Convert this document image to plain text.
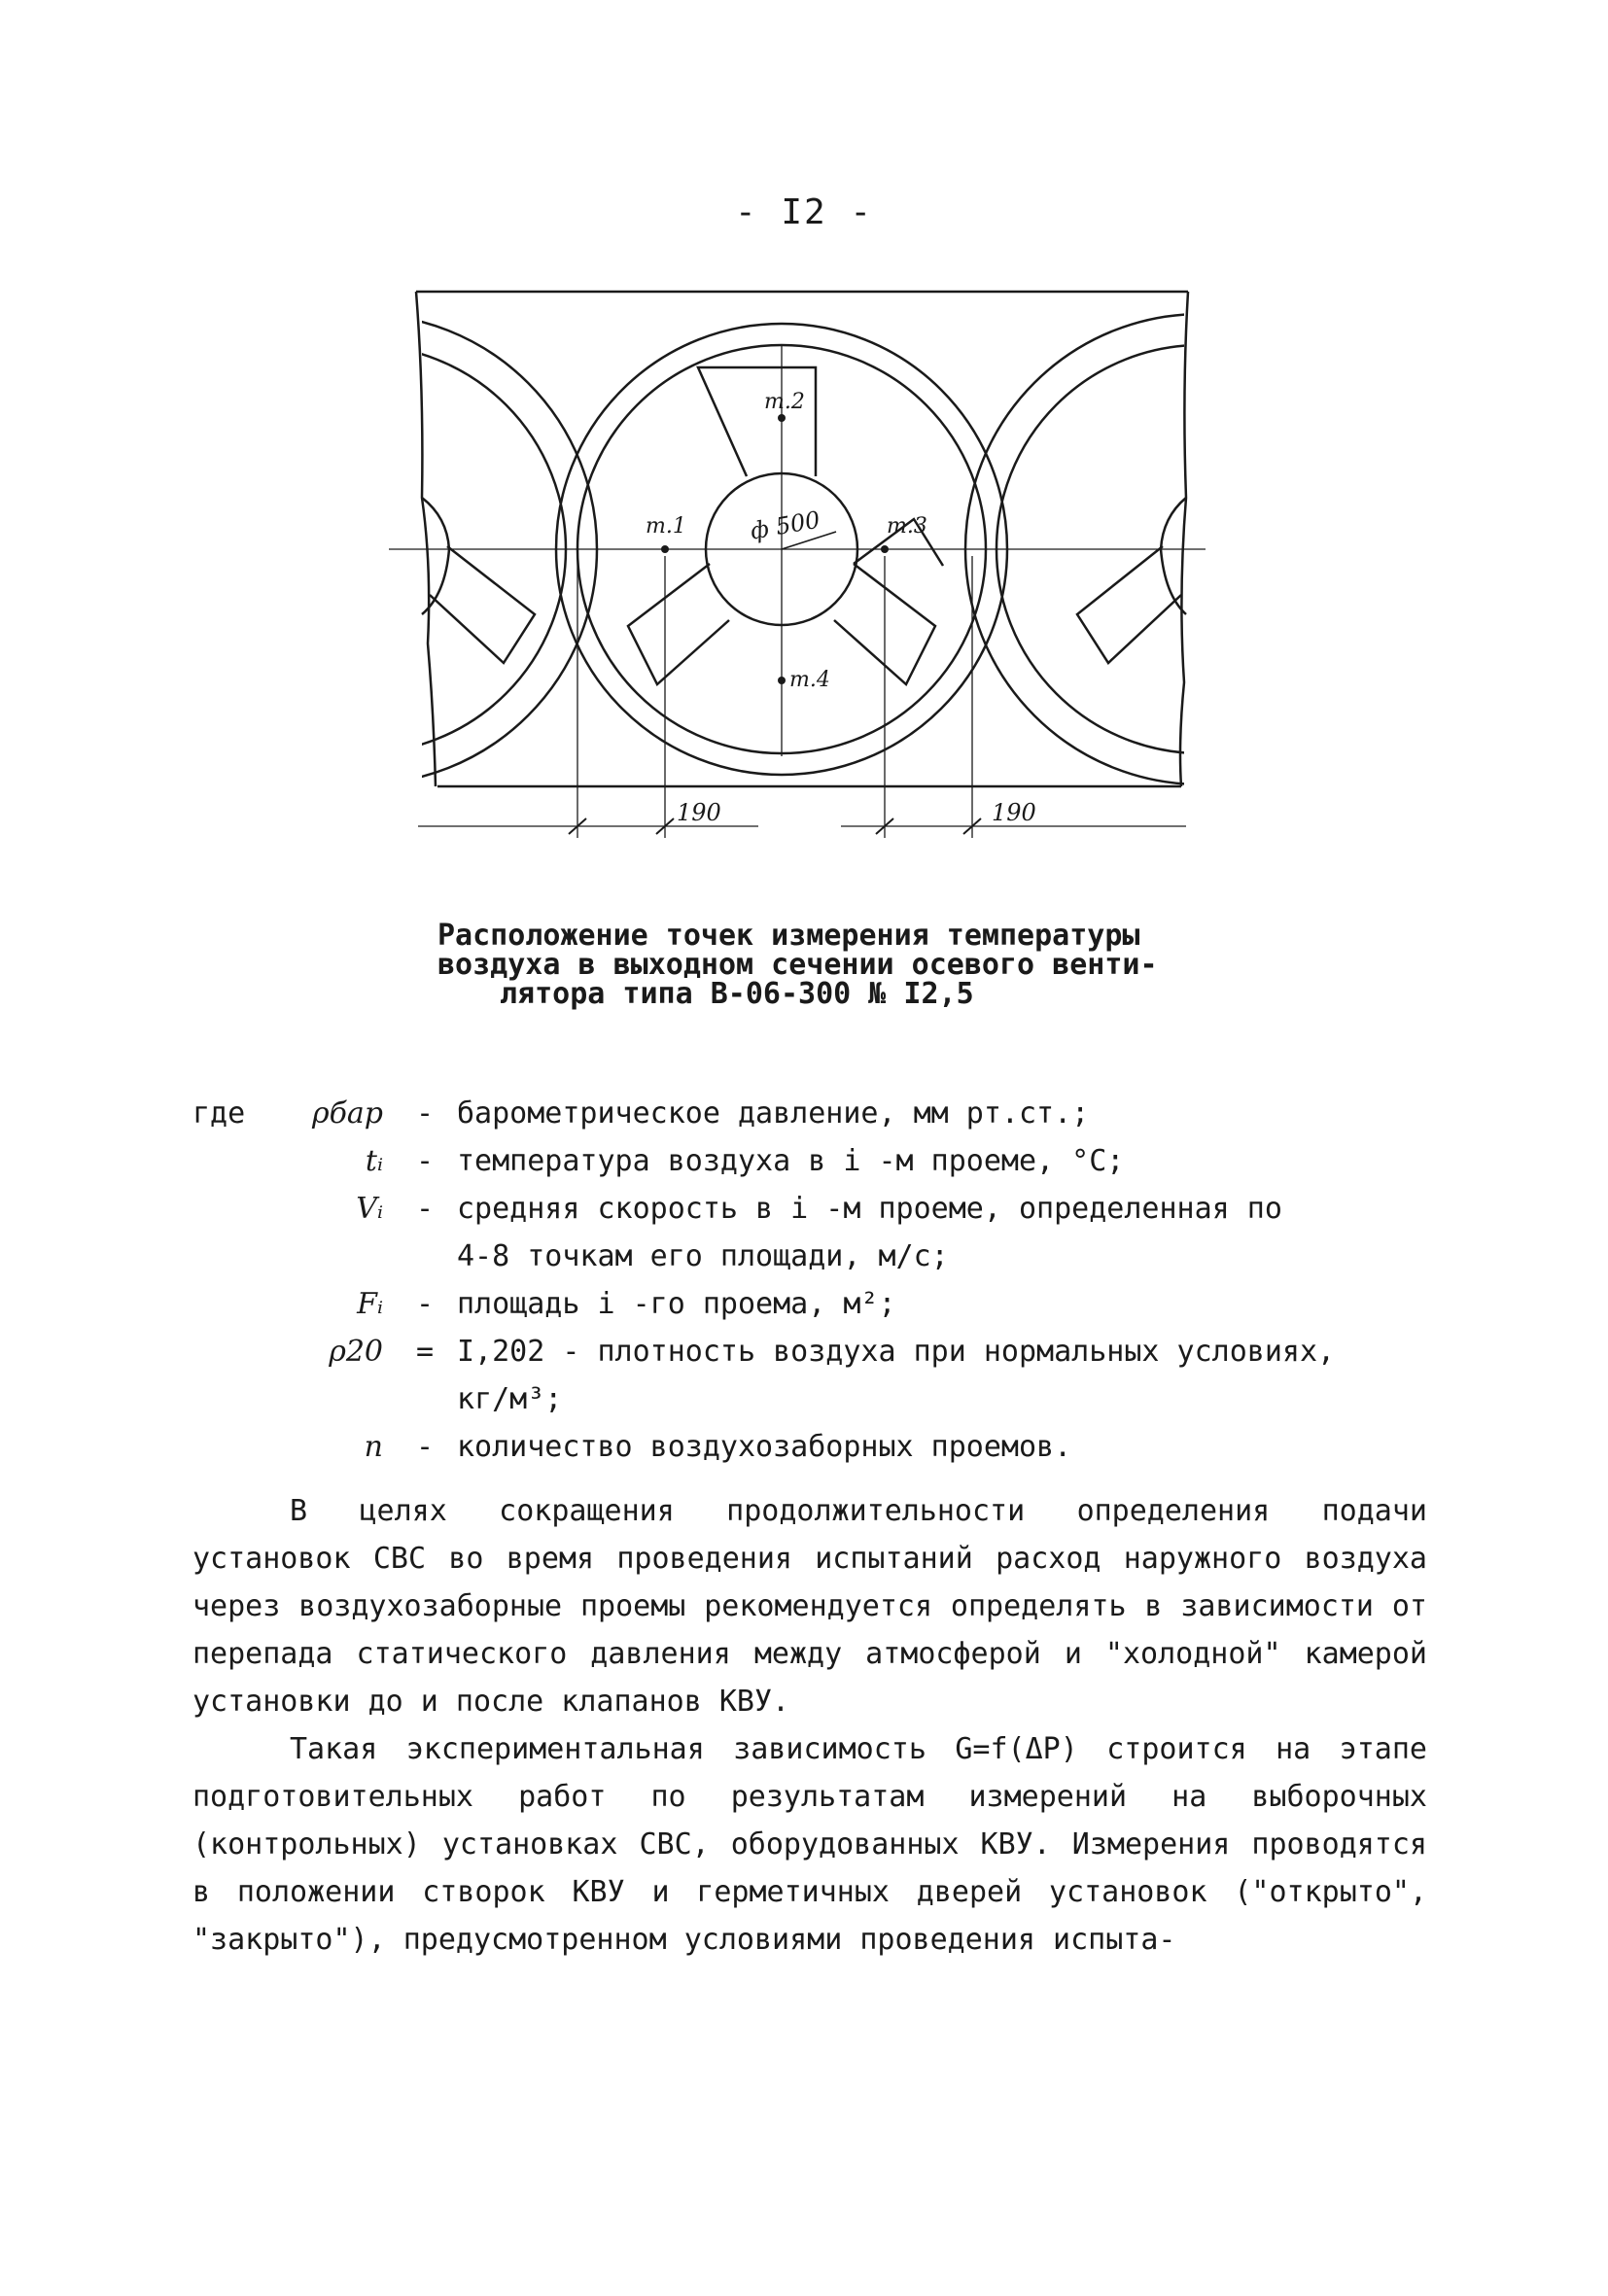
- I2 -
т.2
т.1	т.3
т.4
ф 500
190	190
Расположение точек измерения температуры
воздуха в выходном сечении осевого венти-
лятора типа В-06-300 № I2,5
где ρбар - барометрическое давление, мм рт.ст.;
tᵢ - температура воздуха в i -м проеме, °С;
Vᵢ - средняя скорость в i -м проеме, определенная по
4-8 точкам его площади, м/с;
Fᵢ - площадь i -го проема, м²;
ρ20 = I,202 - плотность воздуха при нормальных условиях,
кг/м³;
n - количество воздухозаборных проемов.

В целях сокращения продолжительности определения подачи установок СВС во время проведения испытаний расход наружного воздуха через воздухозаборные проемы рекомендуется определять в зависимости от перепада статического давления между атмосферой и "холодной" камерой установки до и после клапанов КВУ.

Такая экспериментальная зависимость G=f(ΔP) строится на этапе подготовительных работ по результатам измерений на выборочных (контрольных) установках СВС, оборудованных КВУ. Измерения проводятся в положении створок КВУ и герметичных дверей установок ("открыто", "закрыто"), предусмотренном условиями проведения испыта-
